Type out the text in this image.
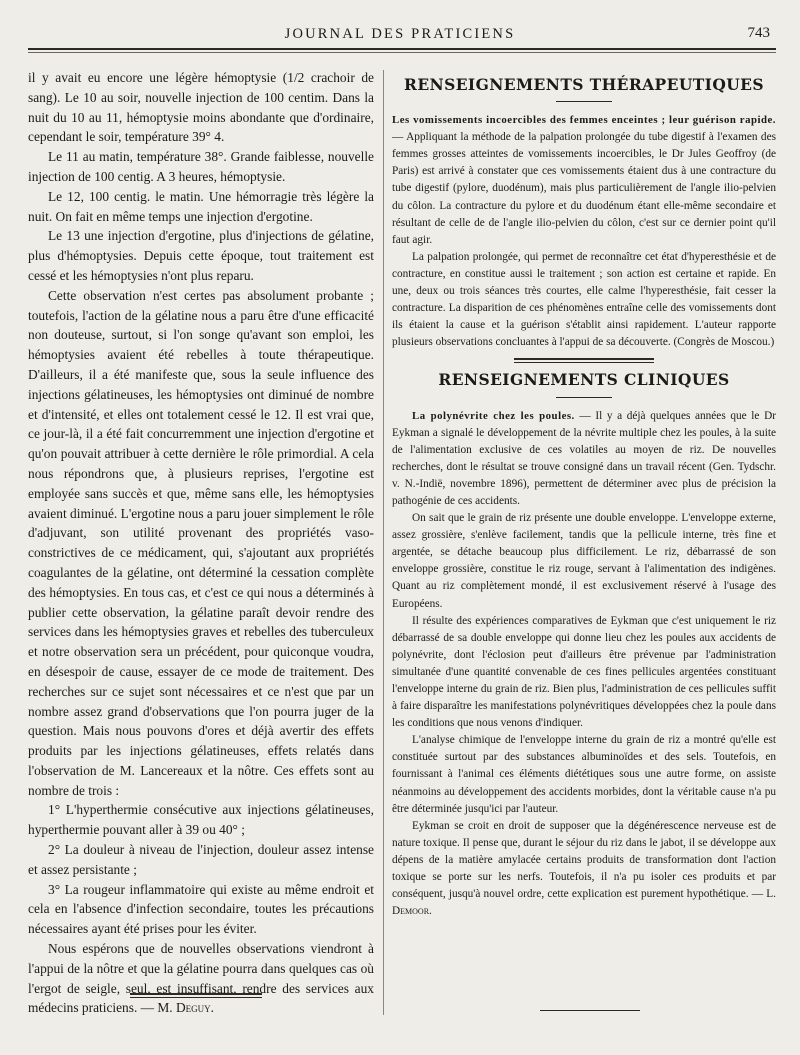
JOURNAL DES PRATICIENS	743

il y avait eu encore une légère hémoptysie (1/2 crachoir de sang). Le 10 au soir, nouvelle injection de 100 centim. Dans la nuit du 10 au 11, hémoptysie moins abondante que d'ordinaire, cependant le soir, température 39° 4.

Le 11 au matin, température 38°. Grande faiblesse, nouvelle injection de 100 centig. A 3 heures, hémoptysie.

Le 12, 100 centig. le matin. Une hémorragie très légère la nuit. On fait en même temps une injection d'ergotine.

Le 13 une injection d'ergotine, plus d'injections de gélatine, plus d'hémoptysies. Depuis cette époque, tout traitement est cessé et les hémoptysies n'ont plus reparu.

Cette observation n'est certes pas absolument probante ; toutefois, l'action de la gélatine nous a paru être d'une efficacité non douteuse, surtout, si l'on songe qu'avant son emploi, les hémoptysies avaient été rebelles à toute thérapeutique. D'ailleurs, il a été manifeste que, sous la seule influence des injections gélatineuses, les hémoptysies ont diminué de nombre et d'intensité, et elles ont totalement cessé le 12. Il est vrai que, ce jour-là, il a été fait concurremment une injection d'ergotine et qu'on pouvait attribuer à cette dernière le rôle primordial. A cela nous répondrons que, à plusieurs reprises, l'ergotine est employée sans succès et que, même sans elle, les hémoptysies avaient diminué. L'ergotine nous a paru jouer simplement le rôle d'adjuvant, son utilité provenant des propriétés vaso-constrictives de ce médicament, qui, s'ajoutant aux propriétés coagulantes de la gélatine, ont déterminé la cessation complète des hémoptysies. En tous cas, et c'est ce qui nous a déterminés à publier cette observation, la gélatine paraît devoir rendre des services dans les hémoptysies graves et rebelles des tuberculeux et notre observation sera un précédent, pour quiconque voudra, en désespoir de cause, essayer de ce mode de traitement. Des recherches sur ce sujet sont nécessaires et ce n'est que par un nombre assez grand d'observations que l'on pourra juger de la question. Mais nous pouvons d'ores et déjà avertir des effets produits par les injections gélatineuses, effets relatés dans l'observation de M. Lancereaux et la nôtre. Ces effets sont au nombre de trois :

1° L'hyperthermie consécutive aux injections gélatineuses, hyperthermie pouvant aller à 39 ou 40° ;

2° La douleur à niveau de l'injection, douleur assez intense et assez persistante ;

3° La rougeur inflammatoire qui existe au même endroit et cela en l'absence d'infection secondaire, toutes les précautions nécessaires ayant été prises pour les éviter.

Nous espérons que de nouvelles observations viendront à l'appui de la nôtre et que la gélatine pourra dans quelques cas où l'ergot de seigle, seul, est insuffisant, rendre des services aux médecins praticiens. — M. Deguy.

RENSEIGNEMENTS THÉRAPEUTIQUES

Les vomissements incoercibles des femmes enceintes ; leur guérison rapide. — Appliquant la méthode de la palpation prolongée du tube digestif à l'examen des femmes grosses atteintes de vomissements incoercibles, le Dr Jules Geoffroy (de Paris) est arrivé à constater que ces vomissements étaient dus à une contracture du tube digestif (pylore, duodénum), mais plus particulièrement de l'angle ilio-pelvien du côlon. La contracture du pylore et du duodénum étant elle-même secondaire et résultant de celle de de l'angle ilio-pelvien du côlon, c'est sur ce dernier point qu'il faut agir.

La palpation prolongée, qui permet de reconnaître cet état d'hyperesthésie et de contracture, en constitue aussi le traitement ; son action est certaine et rapide. En une, deux ou trois séances très courtes, elle calme l'hyperesthésie, fait cesser la contracture. La disparition de ces phénomènes entraîne celle des vomissements dont ils étaient la cause et la guérison s'établit ainsi rapidement. L'auteur rapporte plusieurs observations concluantes à l'appui de sa découverte. (Congrès de Moscou.)

RENSEIGNEMENTS CLINIQUES

La polynévrite chez les poules. — Il y a déjà quelques années que le Dr Eykman a signalé le développement de la névrite multiple chez les poules, à la suite de l'alimentation exclusive de ces volatiles au moyen de riz. De nouvelles recherches, dont le résultat se trouve consigné dans un travail récent (Gen. Tydschr. v. N.-Indië, novembre 1896), permettent de déterminer avec plus de précision la pathogénie de ces accidents.

On sait que le grain de riz présente une double enveloppe. L'enveloppe externe, assez grossière, s'enlève facilement, tandis que la pellicule interne, très fine et argentée, se détache beaucoup plus difficilement. Le riz, débarrassé de son enveloppe grossière, constitue le riz rouge, servant à l'alimentation des indigènes. Quant au riz complètement mondé, il est exclusivement réservé à l'usage des Européens.

Il résulte des expériences comparatives de Eykman que c'est uniquement le riz débarrassé de sa double enveloppe qui donne lieu chez les poules aux accidents de polynévrite, dont l'éclosion peut d'ailleurs être prévenue par l'administration simultanée d'une quantité convenable de ces fines pellicules argentées constituant l'enveloppe interne du grain de riz. Bien plus, l'administration de ces pellicules suffit à faire disparaître les manifestations polynévritiques développées chez la poule dans les conditions que nous venons d'indiquer.

L'analyse chimique de l'enveloppe interne du grain de riz a montré qu'elle est constituée surtout par des substances albuminoïdes et des sels. Toutefois, en fournissant à l'animal ces éléments diététiques sous une autre forme, on assiste néanmoins au développement des accidents morbides, dont la véritable cause n'a pu être déterminée jusqu'ici par l'auteur.

Eykman se croit en droit de supposer que la dégénérescence nerveuse est de nature toxique. Il pense que, durant le séjour du riz dans le jabot, il se développe aux dépens de la matière amylacée certains produits de transformation dont l'action toxique se porte sur les nerfs. Toutefois, il n'a pu isoler ces produits et par conséquent, jusqu'à nouvel ordre, cette explication est purement hypothétique. — L. Demoor.
